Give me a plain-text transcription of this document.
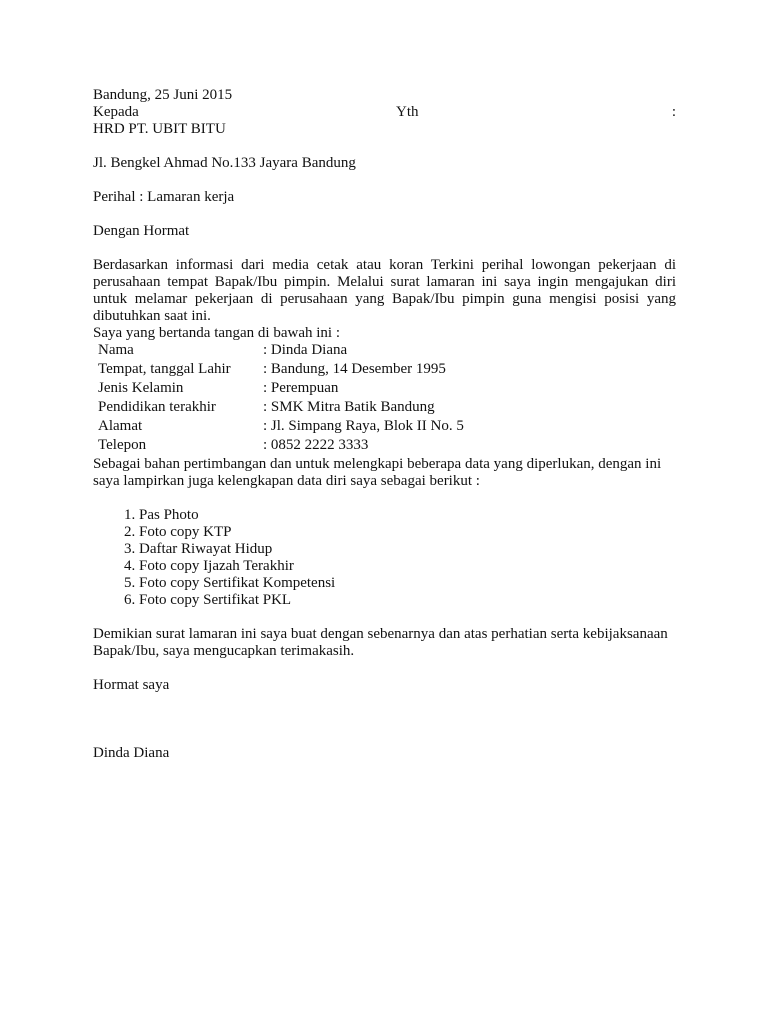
Bandung, 25 Juni 2015
Kepada	Yth	:
HRD PT. UBIT BITU
Jl. Bengkel Ahmad No.133 Jayara Bandung
Perihal : Lamaran kerja
Dengan Hormat

Berdasarkan informasi dari media cetak atau koran Terkini perihal lowongan pekerjaan di perusahaan tempat Bapak/Ibu pimpin. Melalui surat lamaran ini saya ingin mengajukan diri untuk melamar pekerjaan di perusahaan yang Bapak/Ibu pimpin guna mengisi posisi yang dibutuhkan saat ini.

Saya yang bertanda tangan di bawah ini :
Nama	: Dinda Diana
Tempat, tanggal Lahir	: Bandung, 14 Desember 1995
Jenis Kelamin	: Perempuan
Pendidikan terakhir	: SMK Mitra Batik Bandung
Alamat	: Jl. Simpang Raya, Blok II No. 5
Telepon	: 0852 2222 3333

Sebagai bahan pertimbangan dan untuk melengkapi beberapa data yang diperlukan, dengan ini saya lampirkan juga kelengkapan data diri saya sebagai berikut :

1. Pas Photo
2. Foto copy KTP
3. Daftar Riwayat Hidup
4. Foto copy Ijazah Terakhir
5. Foto copy Sertifikat Kompetensi
6. Foto copy Sertifikat PKL

Demikian surat lamaran ini saya buat dengan sebenarnya dan atas perhatian serta kebijaksanaan Bapak/Ibu, saya mengucapkan terimakasih.

Hormat saya
Dinda Diana
